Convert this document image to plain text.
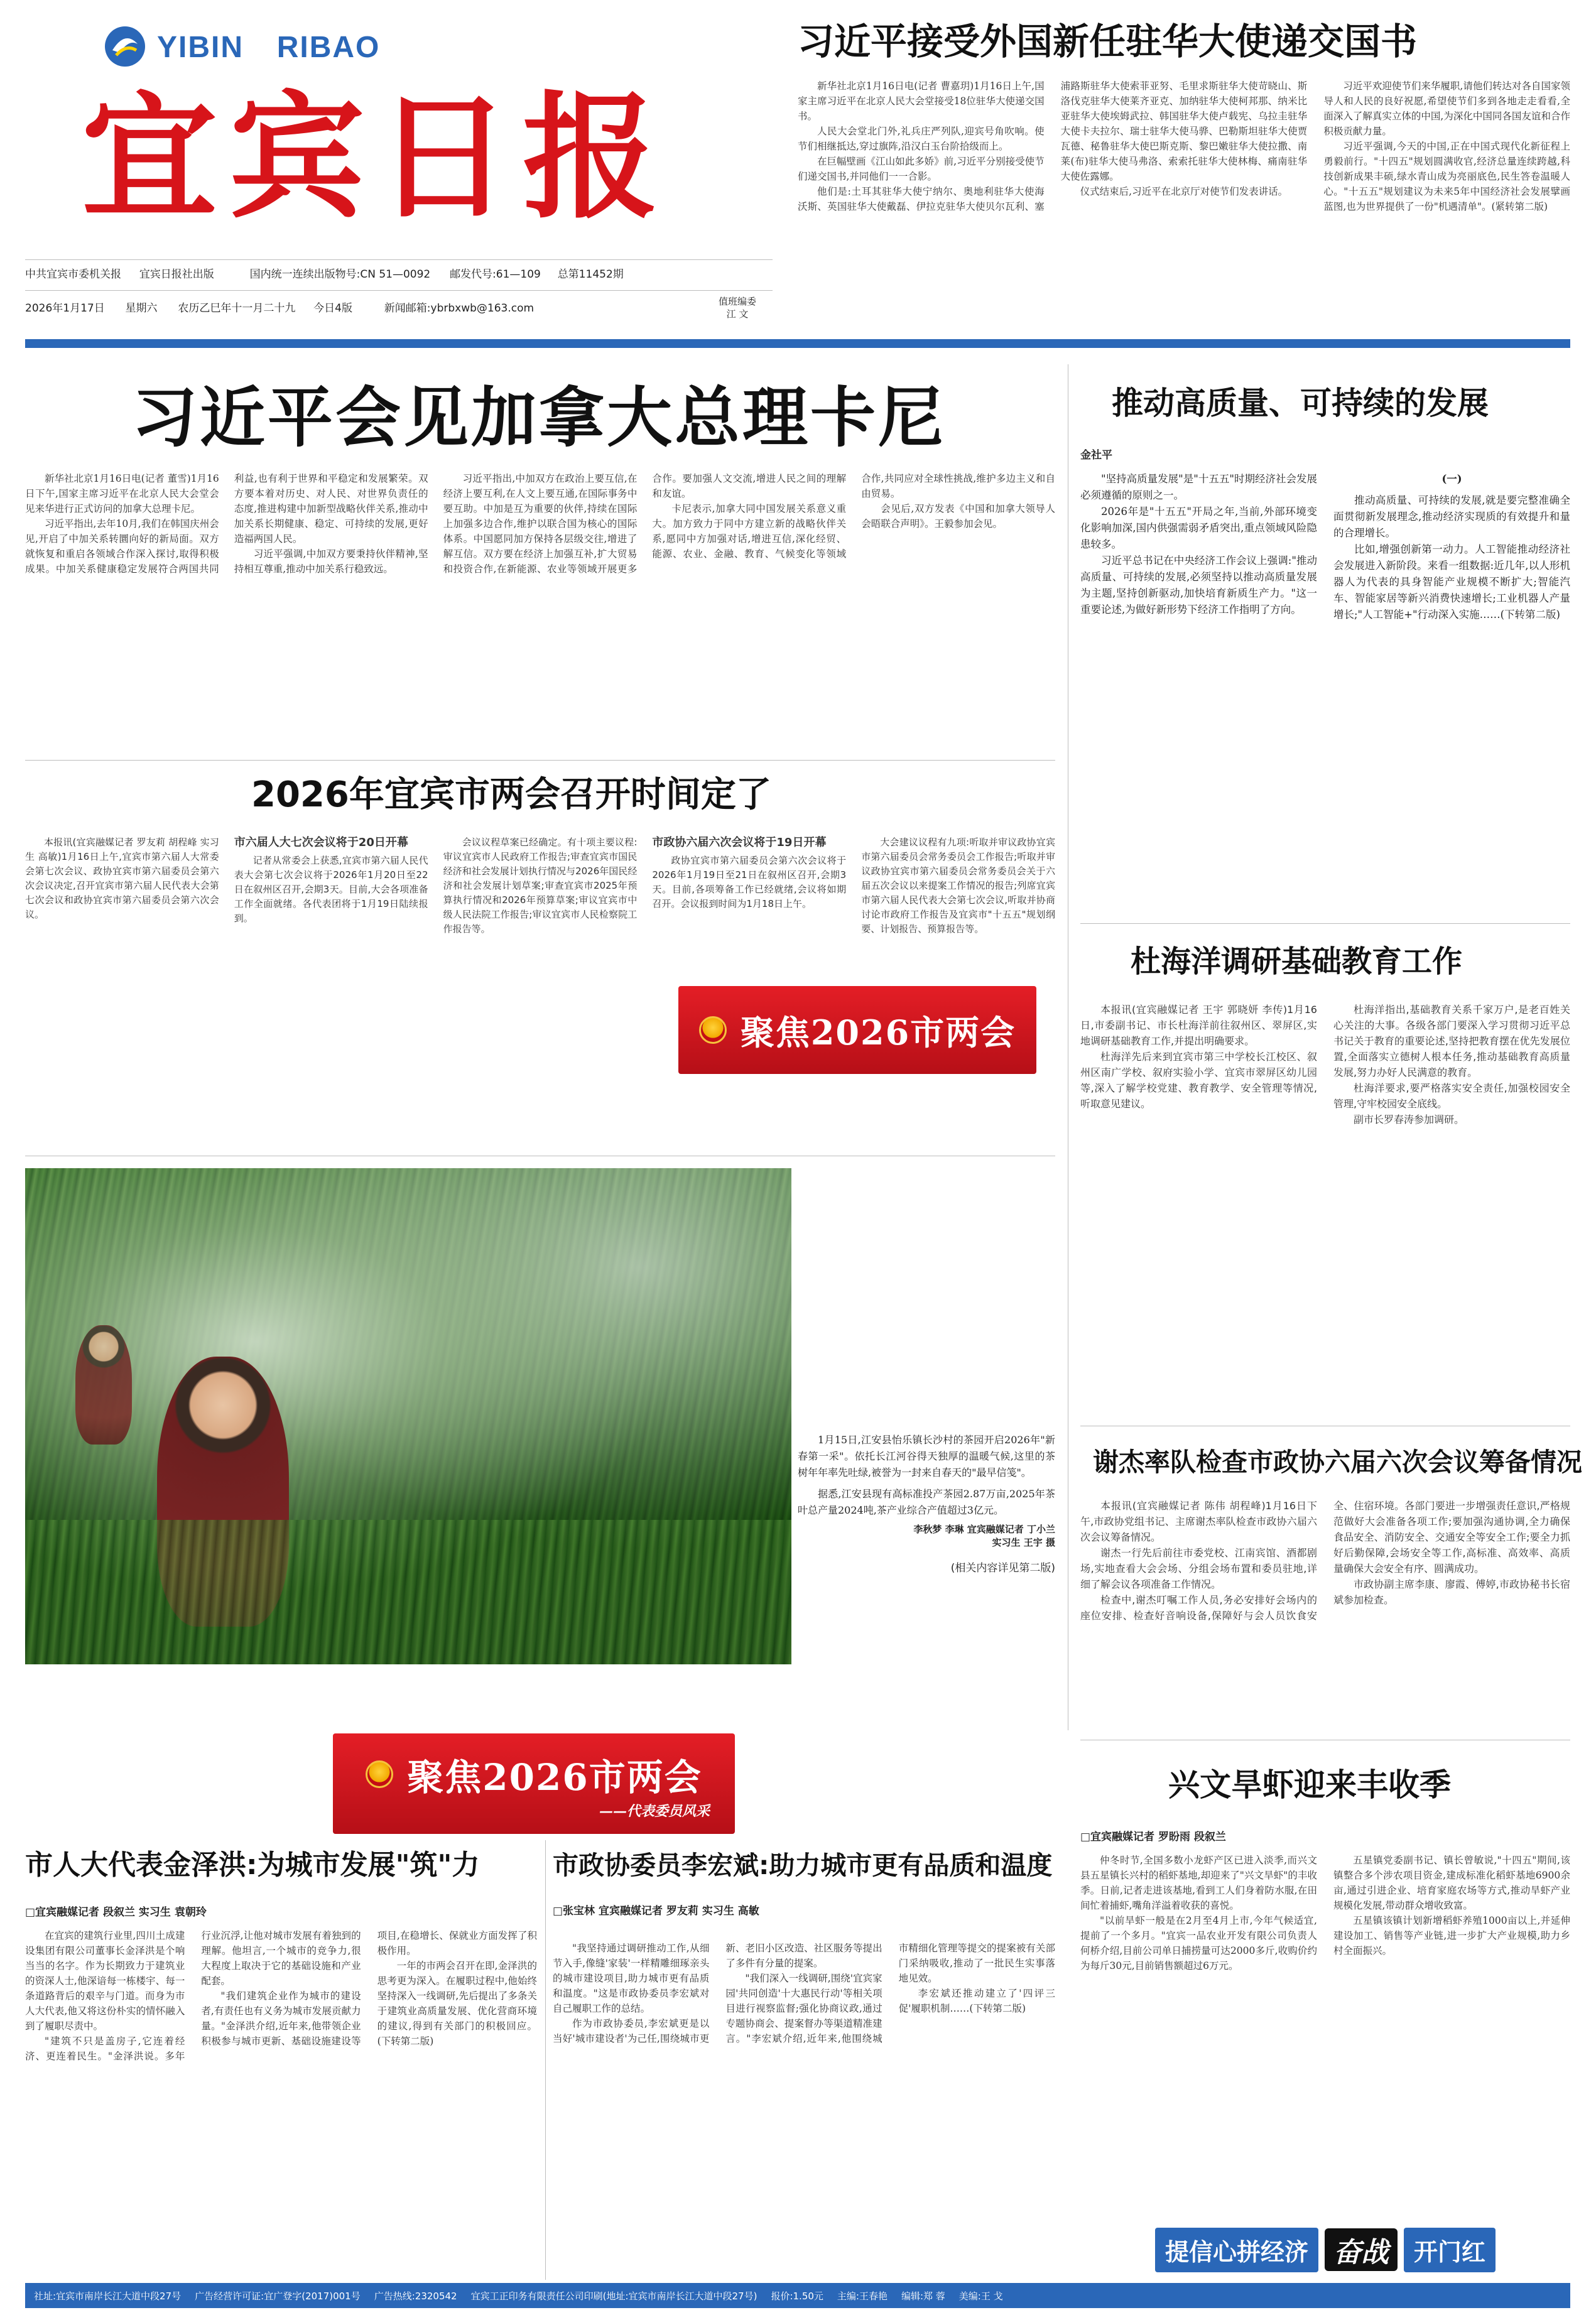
YIBIN RIBAO
宜宾日报
中共宜宾市委机关报 宜宾日报社出版	国内统一连续出版物号:CN 51—0092 邮发代号:61—109 总第11452期
2026年1月17日 星期六 农历乙巳年十一月二十九 今日4版	新闻邮箱:ybrbxwb@163.com
值班编委
江 文
习近平接受外国新任驻华大使递交国书

新华社北京1月16日电(记者 曹嘉玥)1月16日上午,国家主席习近平在北京人民大会堂接受18位驻华大使递交国书。

人民大会堂北门外,礼兵庄严列队,迎宾号角吹响。使节们相继抵达,穿过旗阵,沿汉白玉台阶拾级而上。

在巨幅壁画《江山如此多娇》前,习近平分别接受使节们递交国书,并同他们一一合影。

他们是:土耳其驻华大使宁纳尔、奥地利驻华大使海沃斯、英国驻华大使戴磊、伊拉克驻华大使贝尔瓦利、塞浦路斯驻华大使索菲亚努、毛里求斯驻华大使苛晓山、斯洛伐克驻华大使莱齐亚克、加纳驻华大使柯邦那、纳米比亚驻华大使埃姆武拉、韩国驻华大使卢载宪、乌拉圭驻华大使卡夫拉尔、瑞士驻华大使马骅、巴勒斯坦驻华大使贾瓦德、秘鲁驻华大使巴斯克斯、黎巴嫩驻华大使拉撒、南莱(布)驻华大使马弗洛、索索托驻华大使林梅、痛南驻华大使佐露娜。

仪式结束后,习近平在北京厅对使节们发表讲话。

习近平欢迎使节们来华履职,请他们转达对各自国家领导人和人民的良好祝愿,希望使节们多到各地走走看看,全面深入了解真实立体的中国,为深化中国同各国友谊和合作积极贡献力量。

习近平强调,今天的中国,正在中国式现代化新征程上勇毅前行。"十四五"规划圆满收官,经济总量连续跨越,科技创新成果丰硕,绿水青山成为亮丽底色,民生答卷温暖人心。"十五五"规划建议为未来5年中国经济社会发展擘画蓝图,也为世界提供了一份"机遇清单"。(紧转第二版)

习近平会见加拿大总理卡尼

新华社北京1月16日电(记者 董雪)1月16日下午,国家主席习近平在北京人民大会堂会见来华进行正式访问的加拿大总理卡尼。

习近平指出,去年10月,我们在韩国庆州会见,开启了中加关系转圜向好的新局面。双方就恢复和重启各领域合作深入探讨,取得积极成果。中加关系健康稳定发展符合两国共同利益,也有利于世界和平稳定和发展繁荣。双方要本着对历史、对人民、对世界负责任的态度,推进构建中加新型战略伙伴关系,推动中加关系长期健康、稳定、可持续的发展,更好造福两国人民。

习近平强调,中加双方要秉持伙伴精神,坚持相互尊重,推动中加关系行稳致远。

习近平指出,中加双方在政治上要互信,在经济上要互利,在人文上要互通,在国际事务中要互助。中加是互为重要的伙伴,持续在国际上加强多边合作,维护以联合国为核心的国际体系。中国愿同加方保持各层级交往,增进了解互信。双方要在经济上加强互补,扩大贸易和投资合作,在新能源、农业等领域开展更多合作。要加强人文交流,增进人民之间的理解和友谊。

卡尼表示,加拿大同中国发展关系意义重大。加方致力于同中方建立新的战略伙伴关系,愿同中方加强对话,增进互信,深化经贸、能源、农业、金融、教育、气候变化等领域合作,共同应对全球性挑战,维护多边主义和自由贸易。

会见后,双方发表《中国和加拿大领导人会晤联合声明》。王毅参加会见。

推动高质量、可持续的发展
金社平

"坚持高质量发展"是"十五五"时期经济社会发展必须遵循的原则之一。

2026年是"十五五"开局之年,当前,外部环境变化影响加深,国内供强需弱矛盾突出,重点领域风险隐患较多。

习近平总书记在中央经济工作会议上强调:"推动高质量、可持续的发展,必须坚持以推动高质量发展为主题,坚持创新驱动,加快培育新质生产力。"这一重要论述,为做好新形势下经济工作指明了方向。

(一)

推动高质量、可持续的发展,就是要完整准确全面贯彻新发展理念,推动经济实现质的有效提升和量的合理增长。

比如,增强创新第一动力。人工智能推动经济社会发展进入新阶段。来看一组数据:近几年,以人形机器人为代表的具身智能产业规模不断扩大;智能汽车、智能家居等新兴消费快速增长;工业机器人产量增长;"人工智能+"行动深入实施……(下转第二版)

2026年宜宾市两会召开时间定了

本报讯(宜宾融媒记者 罗友莉 胡程峰 实习生 高敏)1月16日上午,宜宾市第六届人大常委会第七次会议、政协宜宾市第六届委员会第六次会议决定,召开宜宾市第六届人民代表大会第七次会议和政协宜宾市第六届委员会第六次会议。

市六届人大七次会议将于20日开幕

记者从常委会上获悉,宜宾市第六届人民代表大会第七次会议将于2026年1月20日至22日在叙州区召开,会期3天。目前,大会各项准备工作全面就绪。各代表团将于1月19日陆续报到。

会议议程草案已经确定。有十项主要议程:审议宜宾市人民政府工作报告;审查宜宾市国民经济和社会发展计划执行情况与2026年国民经济和社会发展计划草案;审查宜宾市2025年预算执行情况和2026年预算草案;审议宜宾市中级人民法院工作报告;审议宜宾市人民检察院工作报告等。

市政协六届六次会议将于19日开幕

政协宜宾市第六届委员会第六次会议将于2026年1月19日至21日在叙州区召开,会期3天。目前,各项筹备工作已经就绪,会议将如期召开。会议报到时间为1月18日上午。

大会建议议程有九项:听取并审议政协宜宾市第六届委员会常务委员会工作报告;听取并审议政协宜宾市第六届委员会常务委员会关于六届五次会议以来提案工作情况的报告;列席宜宾市第六届人民代表大会第七次会议,听取并协商讨论市政府工作报告及宜宾市"十五五"规划纲要、计划报告、预算报告等。

聚焦2026市两会

1月15日,江安县怡乐镇长沙村的茶园开启2026年"新春第一采"。依托长江河谷得天独厚的温暖气候,这里的茶树年年率先吐绿,被誉为一封来自春天的"最早信笺"。

据悉,江安县现有高标准投产茶园2.87万亩,2025年茶叶总产量2024吨,茶产业综合产值超过3亿元。

李秋梦 李琳 宜宾融媒记者 丁小兰

实习生 王宇 摄

(相关内容详见第二版)

杜海洋调研基础教育工作

本报讯(宜宾融媒记者 王宇 郭晓妍 李传)1月16日,市委副书记、市长杜海洋前往叙州区、翠屏区,实地调研基础教育工作,并提出明确要求。

杜海洋先后来到宜宾市第三中学校长江校区、叙州区南广学校、叙府实验小学、宜宾市翠屏区幼儿园等,深入了解学校党建、教育教学、安全管理等情况,听取意见建议。

杜海洋指出,基础教育关系千家万户,是老百姓关心关注的大事。各级各部门要深入学习贯彻习近平总书记关于教育的重要论述,坚持把教育摆在优先发展位置,全面落实立德树人根本任务,推动基础教育高质量发展,努力办好人民满意的教育。

杜海洋要求,要严格落实安全责任,加强校园安全管理,守牢校园安全底线。

副市长罗春涛参加调研。

谢杰率队检查市政协六届六次会议筹备情况

本报讯(宜宾融媒记者 陈伟 胡程峰)1月16日下午,市政协党组书记、主席谢杰率队检查市政协六届六次会议筹备情况。

谢杰一行先后前往市委党校、江南宾馆、酒都剧场,实地查看大会会场、分组会场布置和委员驻地,详细了解会议各项准备工作情况。

检查中,谢杰叮嘱工作人员,务必安排好会场内的座位安排、检查好音响设备,保障好与会人员饮食安全、住宿环境。各部门要进一步增强责任意识,严格规范做好大会准备各项工作;要加强沟通协调,全力确保食品安全、消防安全、交通安全等安全工作;要全力抓好后勤保障,会场安全等工作,高标准、高效率、高质量确保大会安全有序、圆满成功。

市政协副主席李康、廖霞、傅婷,市政协秘书长宿斌参加检查。

聚焦2026市两会
——代表委员风采
市人大代表金泽洪:为城市发展"筑"力
□宜宾融媒记者 段叙兰 实习生 袁朝玲

在宜宾的建筑行业里,四川土成建设集团有限公司董事长金泽洪是个响当当的名字。作为长期致力于建筑业的资深人士,他深谙每一栋楼宇、每一条道路背后的艰辛与门道。而身为市人大代表,他又将这份朴实的情怀融入到了履职尽责中。

"建筑不只是盖房子,它连着经济、更连着民生。"金泽洪说。多年行业沉浮,让他对城市发展有着独到的理解。他坦言,一个城市的竞争力,很大程度上取决于它的基础设施和产业配套。

"我们建筑企业作为城市的建设者,有责任也有义务为城市发展贡献力量。"金泽洪介绍,近年来,他带领企业积极参与城市更新、基础设施建设等项目,在稳增长、保就业方面发挥了积极作用。

一年的市两会召开在即,金泽洪的思考更为深入。在履职过程中,他始终坚持深入一线调研,先后提出了多条关于建筑业高质量发展、优化营商环境的建议,得到有关部门的积极回应。(下转第二版)

市政协委员李宏斌:助力城市更有品质和温度
□张宝林 宜宾融媒记者 罗友莉 实习生 高敏

"我坚持通过调研推动工作,从细节入手,像缝'家装'一样精雕细琢亲头的城市建设项目,助力城市更有品质和温度。"这是市政协委员李宏斌对自己履职工作的总结。

作为市政协委员,李宏斌更是以当好'城市建设者'为己任,围绕城市更新、老旧小区改造、社区服务等提出了多件有分量的提案。

"我们深入一线调研,围绕'宜宾家园'共同创造'十大惠民行动'等相关项目进行视察监督;强化协商议政,通过专题协商会、提案督办等渠道精准建言。"李宏斌介绍,近年来,他围绕城市精细化管理等提交的提案被有关部门采纳吸收,推动了一批民生实事落地见效。

李宏斌还推动建立了'四评三促'履职机制……(下转第二版)

兴文旱虾迎来丰收季
□宜宾融媒记者 罗盼雨 段叙兰

仲冬时节,全国多数小龙虾产区已进入淡季,而兴文县五星镇长兴村的稻虾基地,却迎来了"兴文旱虾"的丰收季。日前,记者走进该基地,看到工人们身着防水服,在田间忙着捕虾,嘴角洋溢着收获的喜悦。

"以前旱虾一般是在2月至4月上市,今年气候适宜,提前了一个多月。"宜宾一品农业开发有限公司负责人何桥介绍,目前公司单日捕捞量可达2000多斤,收购价约为每斤30元,目前销售额超过6万元。

五星镇党委副书记、镇长曾敏说,"十四五"期间,该镇整合多个涉农项目资金,建成标准化稻虾基地6900余亩,通过引进企业、培育家庭农场等方式,推动旱虾产业规模化发展,带动群众增收致富。

五星镇该镇计划新增稻虾养殖1000亩以上,并延伸建设加工、销售等产业链,进一步扩大产业规模,助力乡村全面振兴。

提信心拼经济 奋战	开门红
社址:宜宾市南岸长江大道中段27号 广告经营许可证:宜广登字(2017)001号 广告热线:2320542 宜宾工正印务有限责任公司印刷(地址:宜宾市南岸长江大道中段27号) 报价:1.50元 主编:王春艳 编辑:郑 蓉 美编:王 戈
